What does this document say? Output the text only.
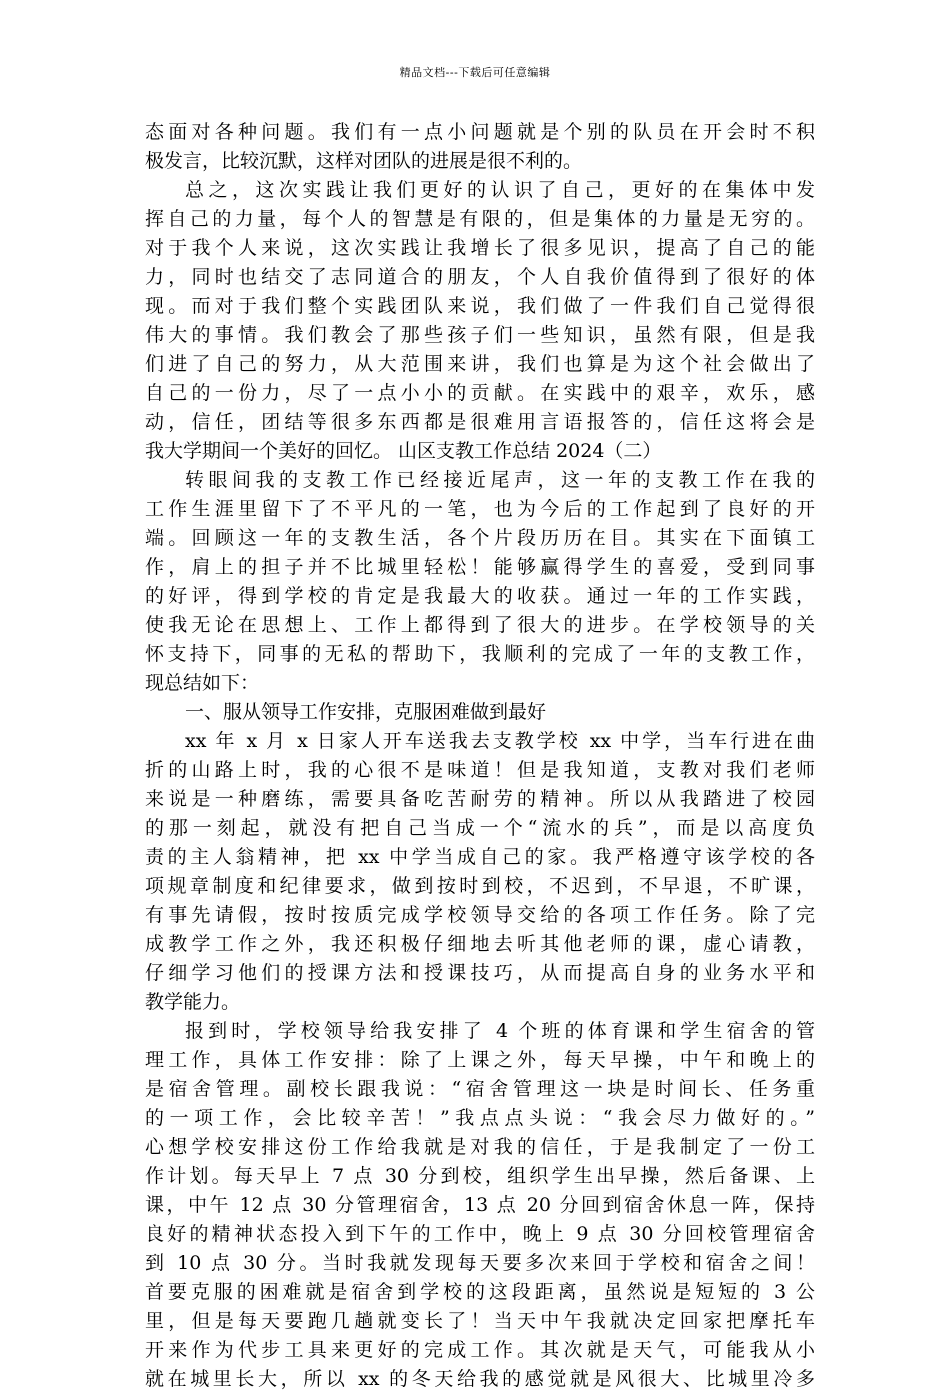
精品文档---下载后可任意编辑
态面对各种问题。我们有一点小问题就是个别的队员在开会时不积
极发言，比较沉默，这样对团队的进展是很不利的。
总之，这次实践让我们更好的认识了自己，更好的在集体中发
挥自己的力量，每个人的智慧是有限的，但是集体的力量是无穷的。
对于我个人来说，这次实践让我增长了很多见识，提高了自己的能
力，同时也结交了志同道合的朋友，个人自我价值得到了很好的体
现。而对于我们整个实践团队来说，我们做了一件我们自己觉得很
伟大的事情。我们教会了那些孩子们一些知识，虽然有限，但是我
们进了自己的努力，从大范围来讲，我们也算是为这个社会做出了
自己的一份力，尽了一点小小的贡献。在实践中的艰辛，欢乐，感
动，信任，团结等很多东西都是很难用言语报答的，信任这将会是
我大学期间一个美好的回忆。 山区支教工作总结 2024（二）
转眼间我的支教工作已经接近尾声，这一年的支教工作在我的
工作生涯里留下了不平凡的一笔，也为今后的工作起到了良好的开
端。回顾这一年的支教生活，各个片段历历在目。其实在下面镇工
作，肩上的担子并不比城里轻松！能够赢得学生的喜爱，受到同事
的好评，得到学校的肯定是我最大的收获。通过一年的工作实践，
使我无论在思想上、工作上都得到了很大的进步。在学校领导的关
怀支持下，同事的无私的帮助下，我顺利的完成了一年的支教工作，
现总结如下：
一、服从领导工作安排，克服困难做到最好
xx 年 x 月 x 日家人开车送我去支教学校 xx 中学，当车行进在曲
折的山路上时，我的心很不是味道！但是我知道，支教对我们老师
来说是一种磨练，需要具备吃苦耐劳的精神。所以从我踏进了校园
的那一刻起，就没有把自己当成一个“流水的兵”，而是以高度负
责的主人翁精神，把 xx 中学当成自己的家。我严格遵守该学校的各
项规章制度和纪律要求，做到按时到校，不迟到，不早退，不旷课，
有事先请假，按时按质完成学校领导交给的各项工作任务。除了完
成教学工作之外，我还积极仔细地去听其他老师的课，虚心请教，
仔细学习他们的授课方法和授课技巧，从而提高自身的业务水平和
教学能力。
报到时，学校领导给我安排了 4 个班的体育课和学生宿舍的管
理工作，具体工作安排：除了上课之外，每天早操，中午和晚上的
是宿舍管理。副校长跟我说：“宿舍管理这一块是时间长、任务重
的一项工作，会比较辛苦！”我点点头说：“我会尽力做好的。”
心想学校安排这份工作给我就是对我的信任，于是我制定了一份工
作计划。每天早上 7 点 30 分到校，组织学生出早操，然后备课、上
课，中午 12 点 30 分管理宿舍，13 点 20 分回到宿舍休息一阵，保持
良好的精神状态投入到下午的工作中，晚上 9 点 30 分回校管理宿舍
到 10 点 30 分。当时我就发现每天要多次来回于学校和宿舍之间！
首要克服的困难就是宿舍到学校的这段距离，虽然说是短短的 3 公
里，但是每天要跑几趟就变长了！当天中午我就决定回家把摩托车
开来作为代步工具来更好的完成工作。其次就是天气，可能我从小
就在城里长大，所以 xx 的冬天给我的感觉就是风很大、比城里冷多
